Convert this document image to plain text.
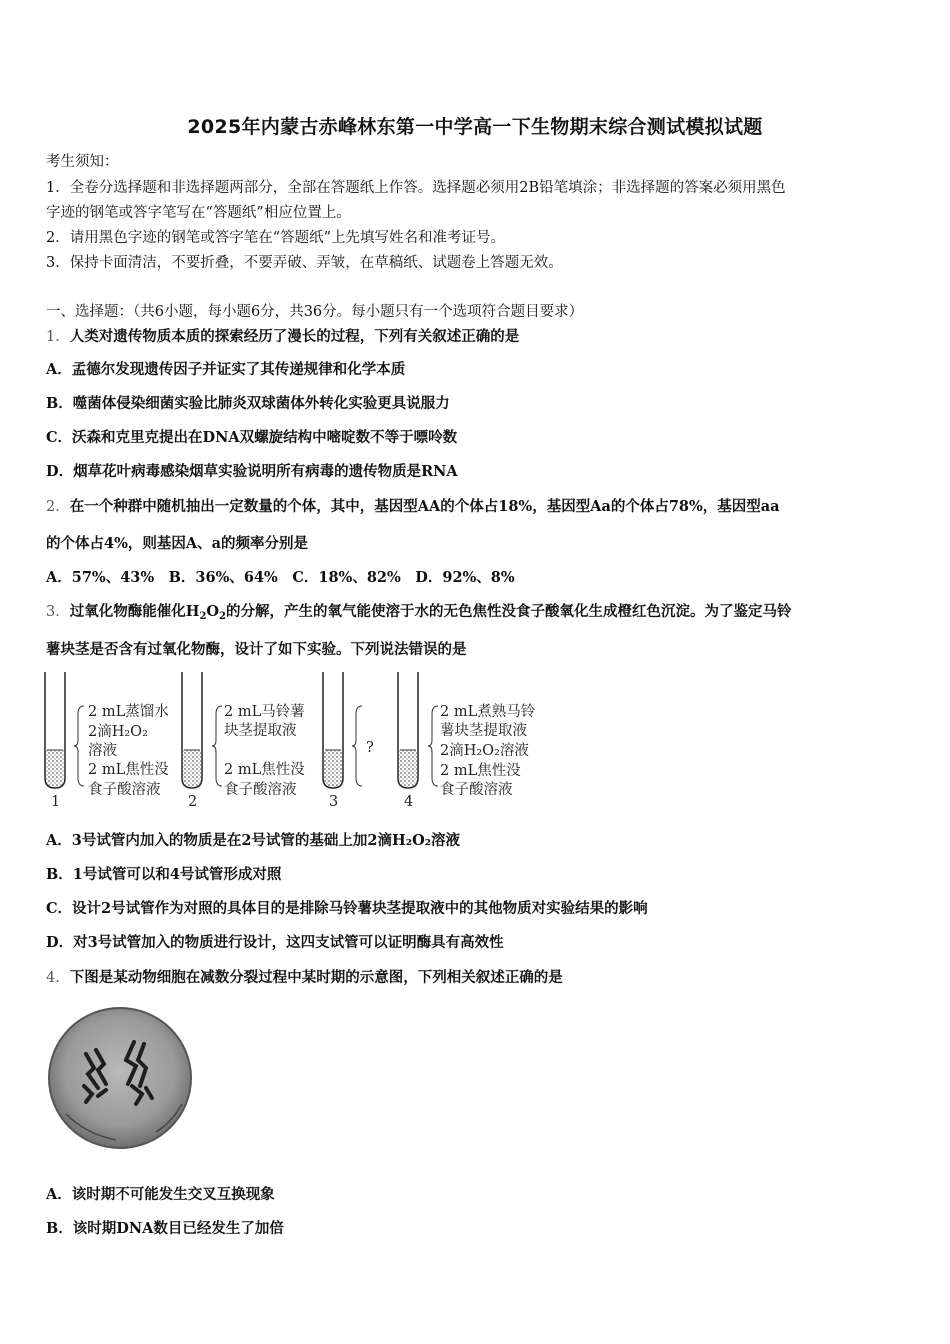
2025年内蒙古赤峰林东第一中学高一下生物期末综合测试模拟试题
考生须知：
1．全卷分选择题和非选择题两部分，全部在答题纸上作答。选择题必须用2B铅笔填涂；非选择题的答案必须用黑色
字迹的钢笔或答字笔写在“答题纸”相应位置上。
2．请用黑色字迹的钢笔或答字笔在“答题纸”上先填写姓名和准考证号。
3．保持卡面清洁，不要折叠，不要弄破、弄皱，在草稿纸、试题卷上答题无效。
一、选择题：（共6小题，每小题6分，共36分。每小题只有一个选项符合题目要求）
1．人类对遗传物质本质的探索经历了漫长的过程，下列有关叙述正确的是
A．孟德尔发现遗传因子并证实了其传递规律和化学本质
B．噬菌体侵染细菌实验比肺炎双球菌体外转化实验更具说服力
C．沃森和克里克提出在DNA双螺旋结构中嘧啶数不等于嘌呤数
D．烟草花叶病毒感染烟草实验说明所有病毒的遗传物质是RNA
2．在一个种群中随机抽出一定数量的个体，其中，基因型AA的个体占18%，基因型Aa的个体占78%，基因型aa
的个体占4%，则基因A、a的频率分别是
A．57%、43%　B．36%、64%　C．18%、82%　D．92%、8%
3．过氧化物酶能催化$H_2O_2$的分解，产生的氧气能使溶于水的无色焦性没食子酸氧化生成橙红色沉淀。为了鉴定马铃
薯块茎是否含有过氧化物酶，设计了如下实验。下列说法错误的是
2 mL蒸馏水
2滴H₂O₂
溶液
2 mL焦性没
食子酸溶液
1
2 mL马铃薯
块茎提取液
2 mL焦性没
食子酸溶液
2
?
3
2 mL煮熟马铃
薯块茎提取液
2滴H₂O₂溶液
2 mL焦性没
食子酸溶液
4
A．3号试管内加入的物质是在2号试管的基础上加2滴H₂O₂溶液
B．1号试管可以和4号试管形成对照
C．设计2号试管作为对照的具体目的是排除马铃薯块茎提取液中的其他物质对实验结果的影响
D．对3号试管加入的物质进行设计，这四支试管可以证明酶具有高效性
4．下图是某动物细胞在减数分裂过程中某时期的示意图，下列相关叙述正确的是
A．该时期不可能发生交叉互换现象
B．该时期DNA数目已经发生了加倍
